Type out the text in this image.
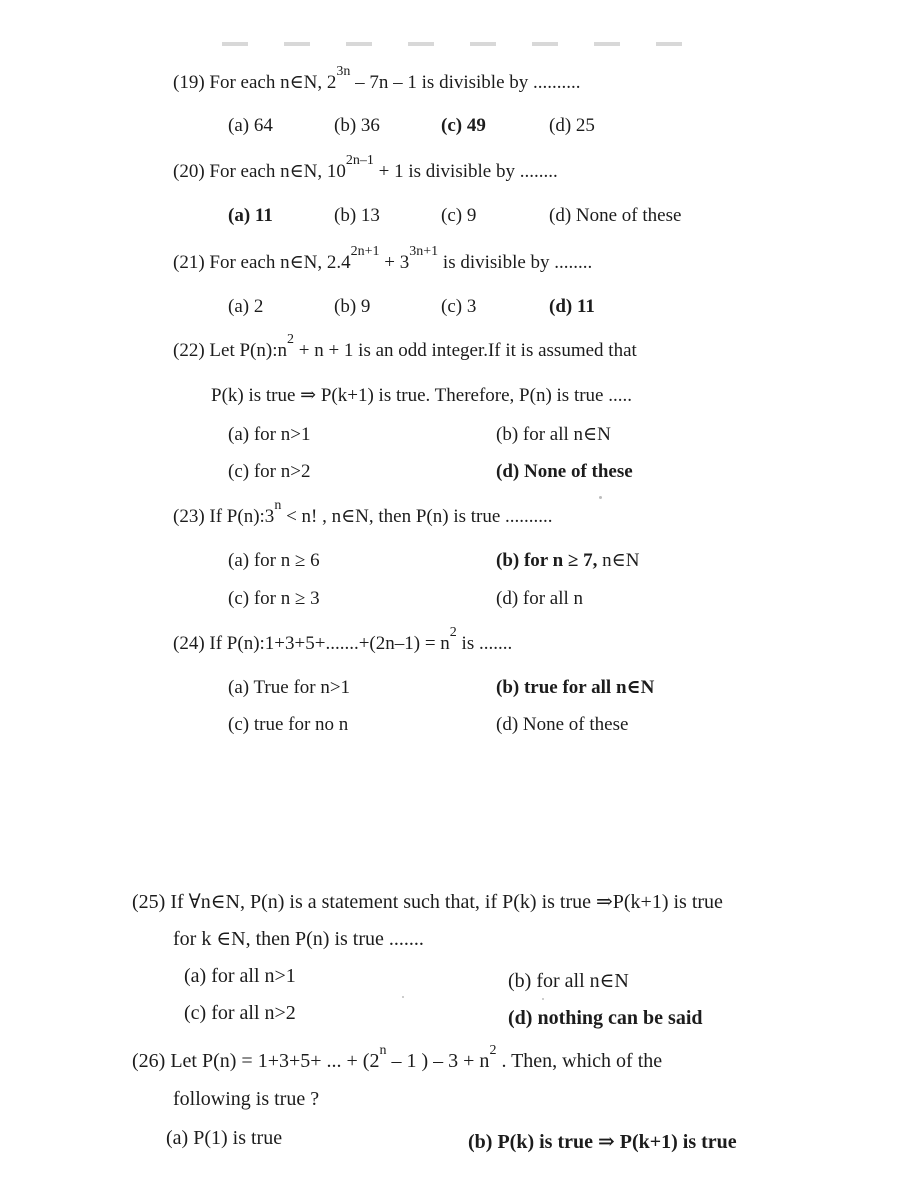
(19) For each n∈N, $2^{3n} - 7n - 1$ is divisible by ..........
(a) 64	(b) 36	(c) 49	(d) 25
(20) For each n∈N, $10^{2n-1} + 1$ is divisible by ........
(a) 11	(b) 13	(c) 9	(d) None of these
(21) For each n∈N, $2.4^{2n+1} + 3^{3n+1}$ is divisible by ........
(a) 2	(b) 9	(c) 3	(d) 11
(22) Let $P(n):n^2 + n + 1$ is an odd integer.If it is assumed that
P(k) is true ⇒ P(k+1) is true. Therefore, P(n) is true .....
(a) for n>1	(b) for all n∈N
(c) for n>2	(d) None of these
(23) If $P(n):3^n < n$! , n∈N, then P(n) is true ..........
(a) for n ≥ 6	(b) for n ≥ 7, n∈N
(c) for n ≥ 3	(d) for all n
(24) If P(n):1+3+5+.......+(2n–1) = $n^2$ is .......
(a) True for n>1	(b) true for all n∈N
(c) true for no n	(d) None of these
(25) If ∀n∈N, P(n) is a statement such that, if P(k) is true ⇒P(k+1) is true
for k ∈N, then P(n) is true .......
(a) for all n>1	(b) for all n∈N
(c) for all n>2	(d) nothing can be said
(26) Let P(n) = 1+3+5+ ... + ($2^n - 1$ ) – $3 + n^2$ . Then, which of the
following is true ?
(a) P(1) is true	(b) P(k) is true ⇒ P(k+1) is true
